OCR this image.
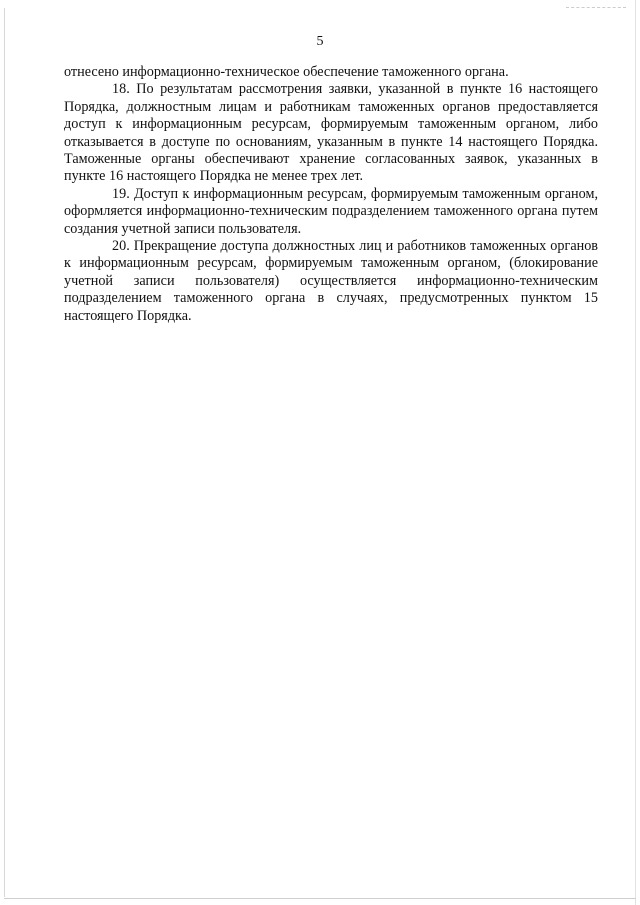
5

отнесено информационно-техническое обеспечение таможенного органа.

18. По результатам рассмотрения заявки, указанной в пункте 16 настоящего Порядка, должностным лицам и работникам таможенных органов предоставляется доступ к информационным ресурсам, формируемым таможенным органом, либо отказывается в доступе по основаниям, указанным в пункте 14 настоящего Порядка. Таможенные органы обеспечивают хранение согласованных заявок, указанных в пункте 16 настоящего Порядка не менее трех лет.

19. Доступ к информационным ресурсам, формируемым таможенным органом, оформляется информационно-техническим подразделением таможенного органа путем создания учетной записи пользователя.

20. Прекращение доступа должностных лиц и работников таможенных органов к информационным ресурсам, формируемым таможенным органом, (блокирование учетной записи пользователя) осуществляется информационно-техническим подразделением таможенного органа в случаях, предусмотренных пунктом 15 настоящего Порядка.
